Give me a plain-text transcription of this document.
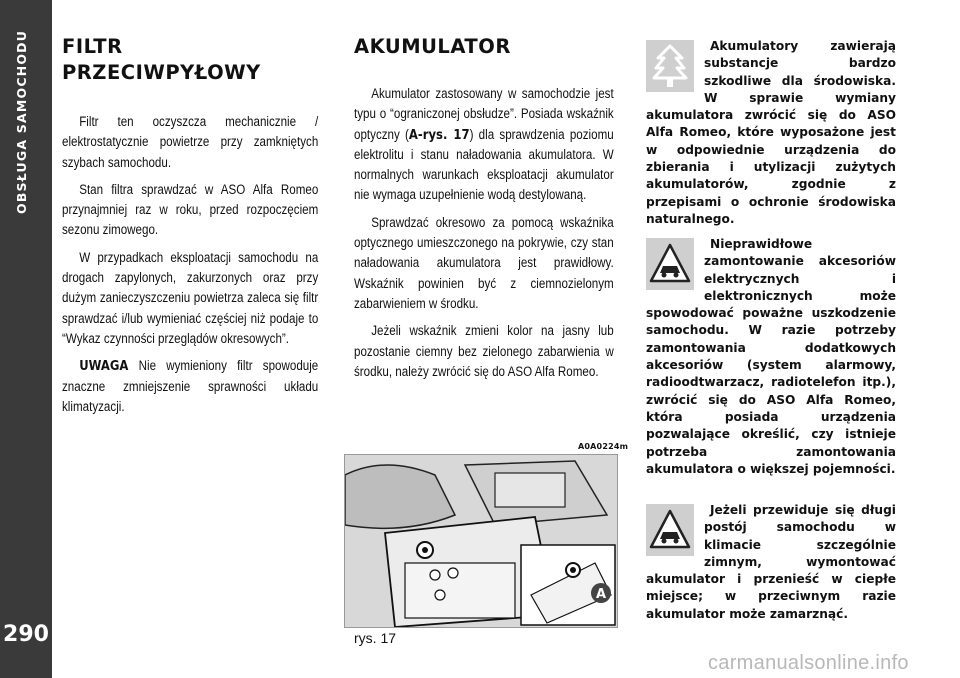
OBSŁUGA SAMOCHODU
290
FILTR PRZECIWPYŁOWY

Filtr ten oczyszcza mechanicznie / elektrostatycznie powietrze przy zamkniętych szybach samochodu.

Stan filtra sprawdzać w ASO Alfa Romeo przynajmniej raz w roku, przed rozpoczęciem sezonu zimowego.

W przypadkach eksploatacji samochodu na drogach zapylonych, zakurzonych oraz przy dużym zanieczyszczeniu powietrza zaleca się filtr sprawdzać i/lub wymieniać częściej niż podaje to “Wykaz czynności przeglądów okresowych”.

UWAGA Nie wymieniony filtr spowoduje znaczne zmniejszenie sprawności układu klimatyzacji.

AKUMULATOR

Akumulator zastosowany w samochodzie jest typu o “ograniczonej obsłudze”. Posiada wskaźnik optyczny (A-rys. 17) dla sprawdzenia poziomu elektrolitu i stanu naładowania akumulatora. W normalnych warunkach eksploatacji akumulator nie wymaga uzupełnienie wodą destylowaną.

Sprawdzać okresowo za pomocą wskaźnika optycznego umieszczonego na pokrywie, czy stan naładowania akumulatora jest prawidłowy. Wskaźnik powinien być z ciemnozielonym zabarwieniem w środku.

Jeżeli wskaźnik zmieni kolor na jasny lub pozostanie ciemny bez zielonego zabarwienia w środku, należy zwrócić się do ASO Alfa Romeo.

A0A0224m
A
rys. 17
Akumulatory zawierają substancje bardzo szkodliwe dla środowiska. W sprawie wymiany akumulatora zwrócić się do ASO Alfa Romeo, które wyposażone jest w odpowiednie urządzenia do zbierania i utylizacji zużytych akumulatorów, zgodnie z przepisami o ochronie środowiska naturalnego.
Nieprawidłowe zamontowanie akcesoriów elektrycznych i elektronicznych	może spowodować poważne uszkodzenie samochodu. W razie potrzeby zamontowania dodatkowych akcesoriów (system alarmowy, radioodtwarzacz, radiotelefon itp.), zwrócić się do ASO Alfa Romeo, która posiada urządzenia pozwalające określić, czy istnieje potrzeba zamontowania akumulatora o większej pojemności.
Jeżeli przewiduje się długi postój samochodu w klimacie szczególnie zimnym,	wymontować akumulator i przenieść w ciepłe miejsce; w przeciwnym razie akumulator może zamarznąć.
carmanualsonline.info
